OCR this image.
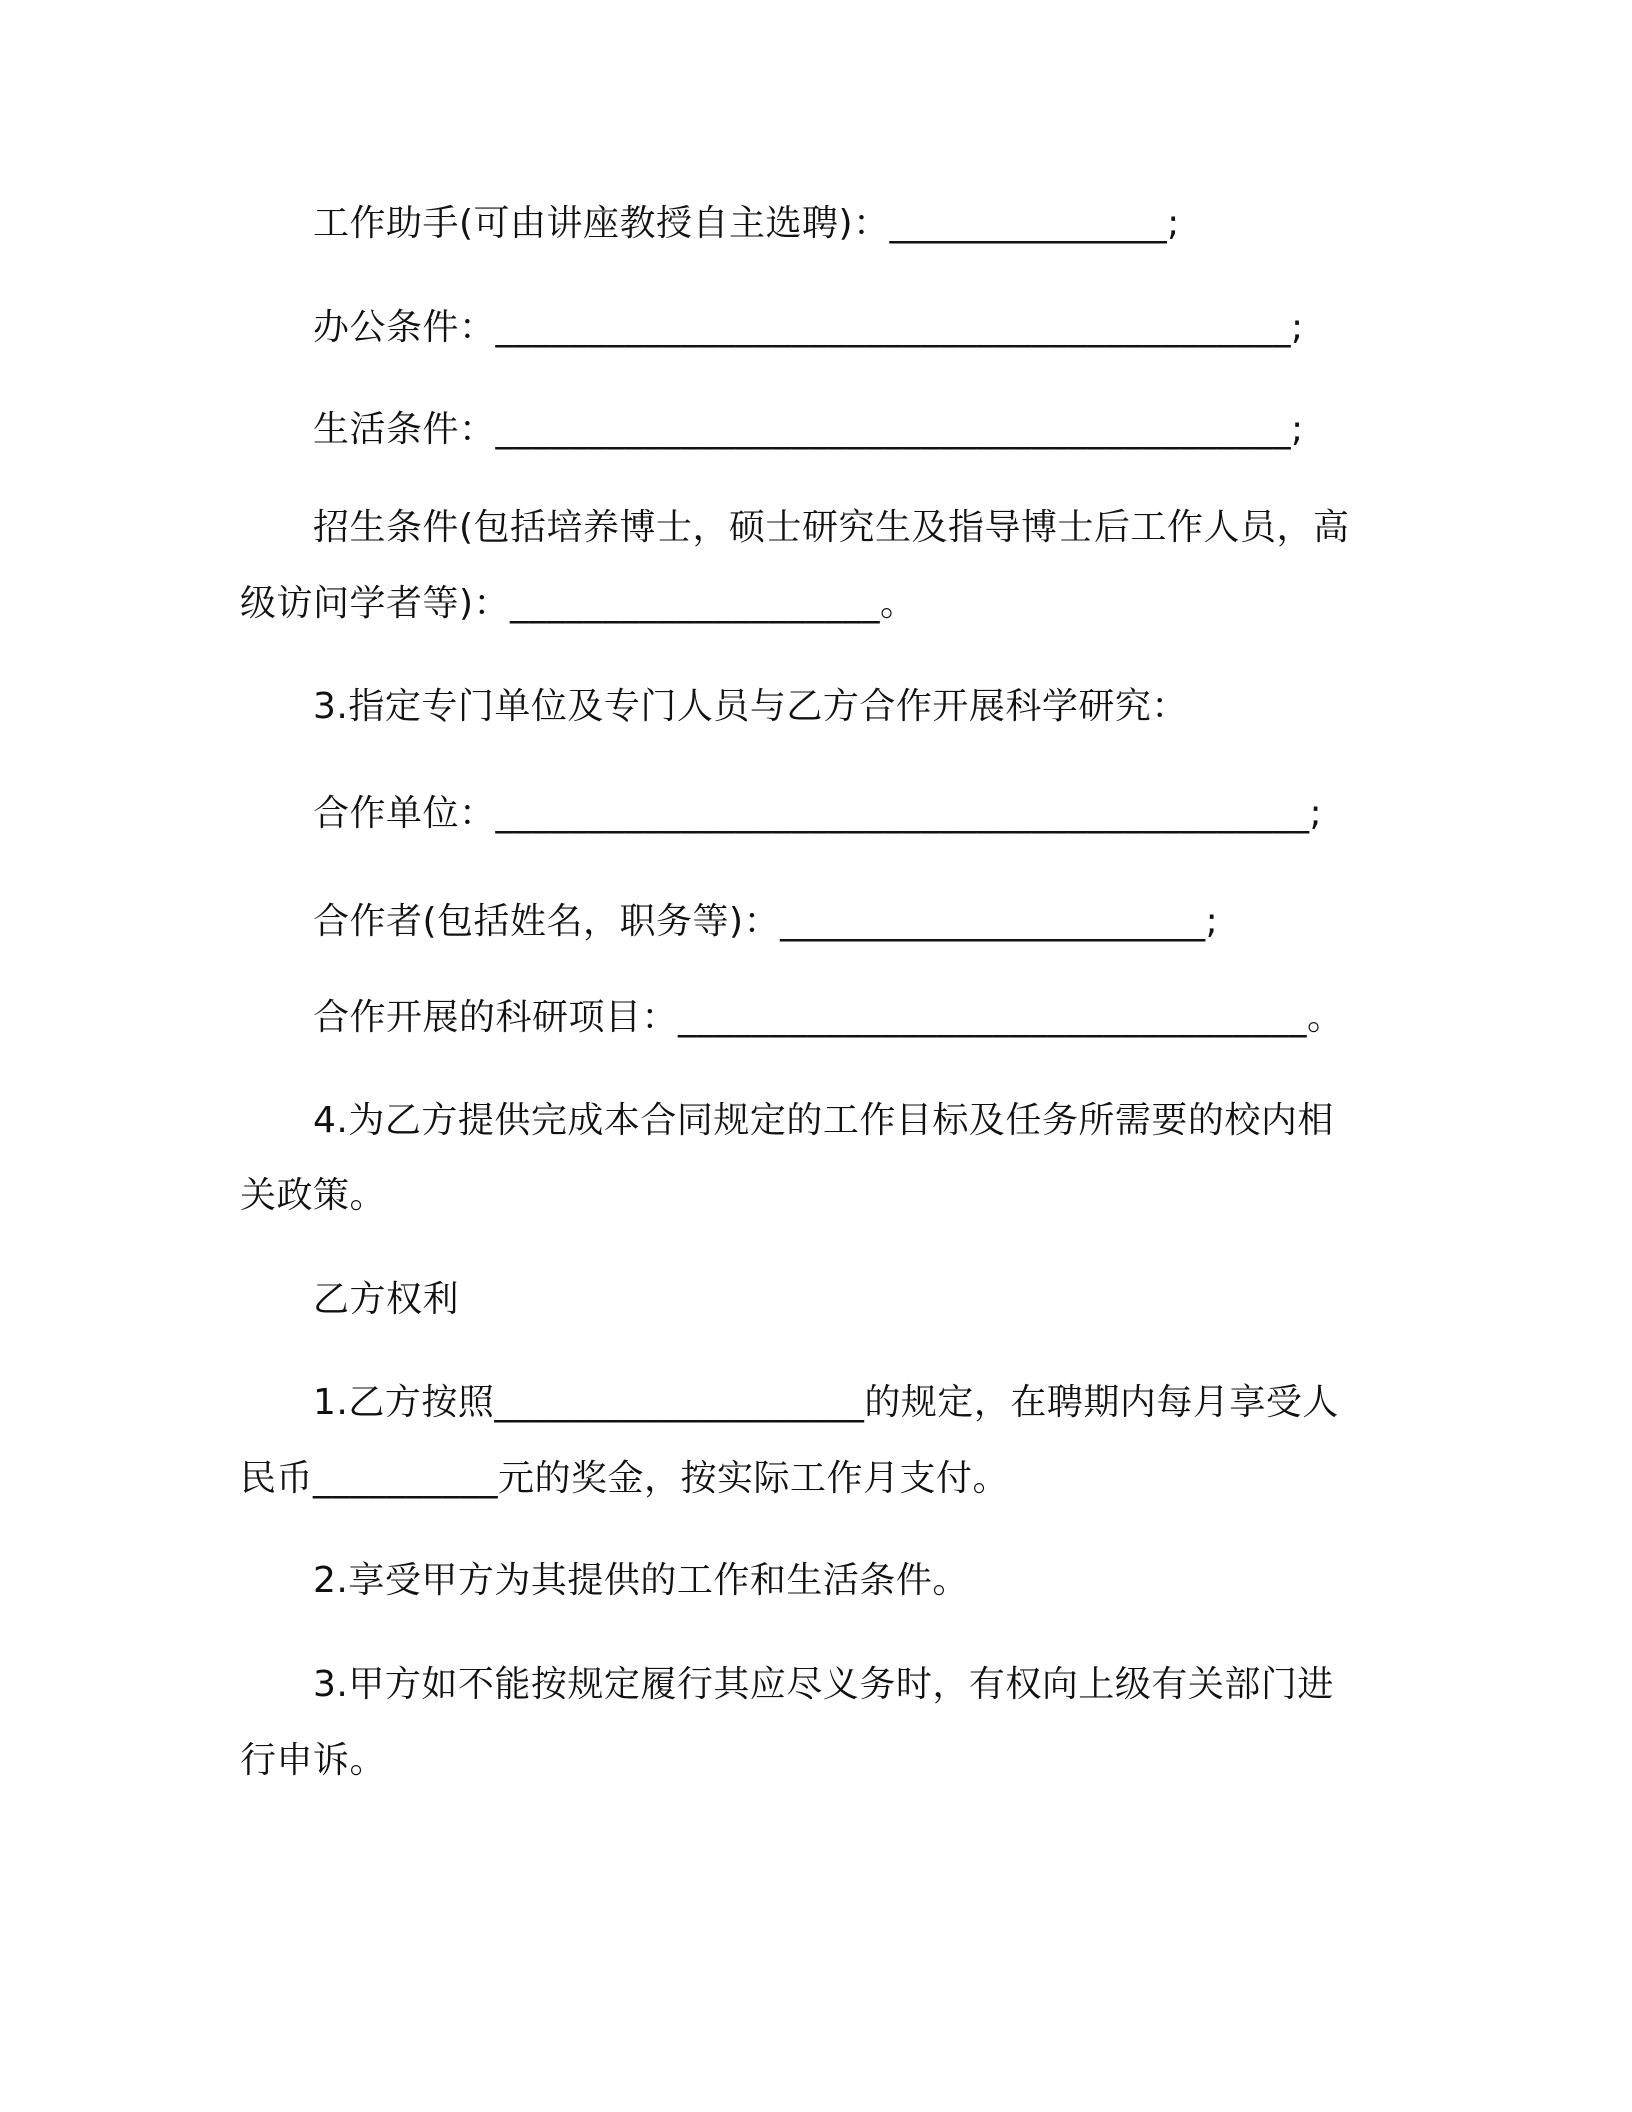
工作助手(可由讲座教授自主选聘)：_______________;
办公条件：___________________________________________;
生活条件：___________________________________________;
招生条件(包括培养博士，硕士研究生及指导博士后工作人员，高
级访问学者等)：____________________。
3.指定专门单位及专门人员与乙方合作开展科学研究：
合作单位：____________________________________________;
合作者(包括姓名，职务等)：_______________________;
合作开展的科研项目：__________________________________。
4.为乙方提供完成本合同规定的工作目标及任务所需要的校内相
关政策。
乙方权利
1.乙方按照____________________的规定，在聘期内每月享受人
民币__________元的奖金，按实际工作月支付。
2.享受甲方为其提供的工作和生活条件。
3.甲方如不能按规定履行其应尽义务时，有权向上级有关部门进
行申诉。
